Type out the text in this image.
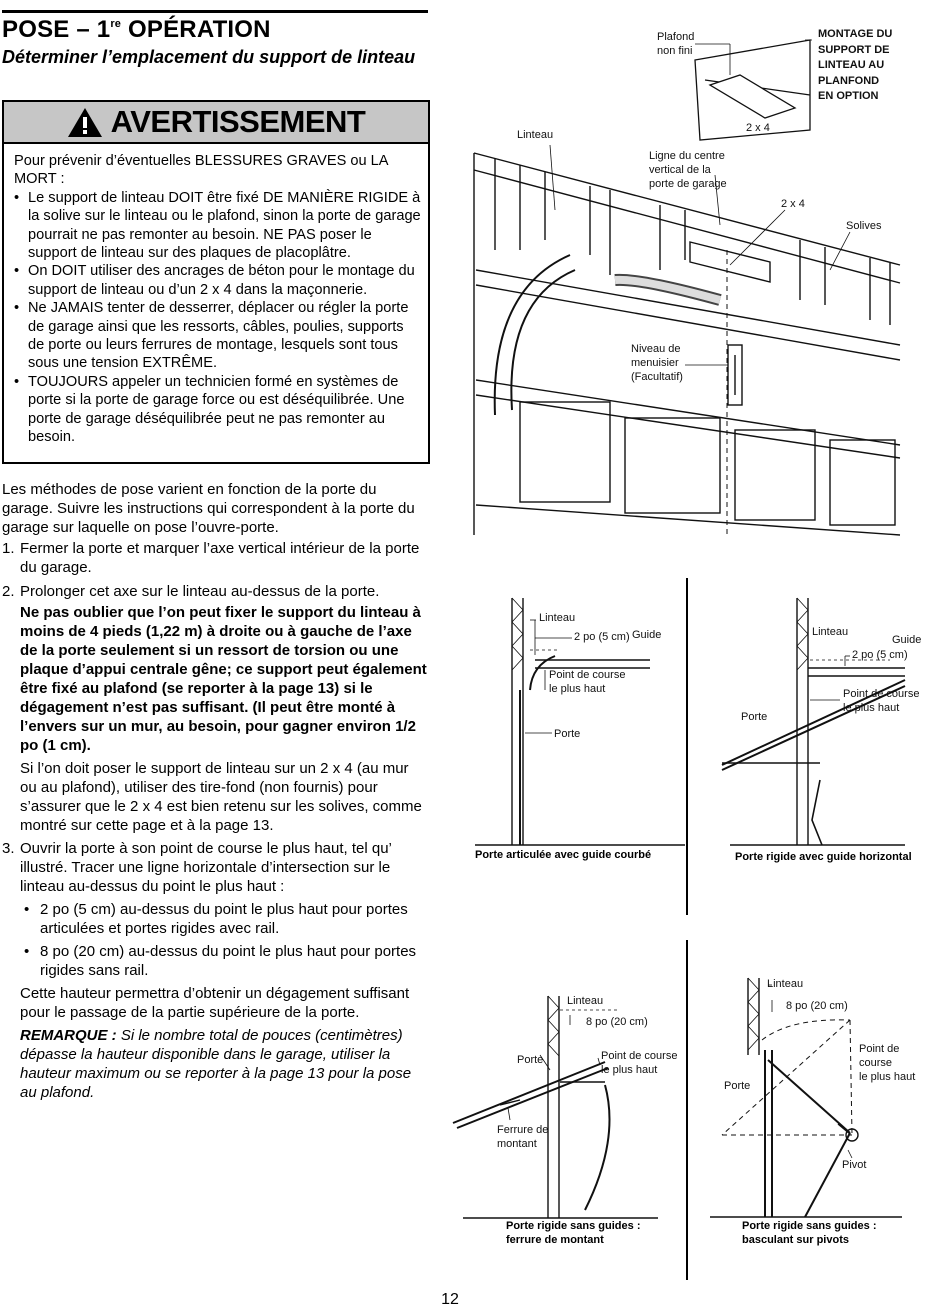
POSE – 1re OPÉRATION
Déterminer l’emplacement du support de linteau
AVERTISSEMENT

Pour prévenir d’éventuelles BLESSURES GRAVES ou LA MORT :

• Le support de linteau DOIT être fixé DE MANIÈRE RIGIDE à la solive sur le linteau ou le plafond, sinon la porte de garage pourrait ne pas remonter au besoin. NE PAS poser le support de linteau sur des plaques de placoplâtre.
• On DOIT utiliser des ancrages de béton pour le montage du support de linteau ou d’un 2 x 4 dans la maçonnerie.
• Ne JAMAIS tenter de desserrer, déplacer ou régler la porte de garage ainsi que les ressorts, câbles, poulies, supports de porte ou leurs ferrures de montage, lesquels sont tous sous une tension EXTRÊME.
• TOUJOURS appeler un technicien formé en systèmes de porte si la porte de garage force ou est déséquilibrée. Une porte de garage déséquilibrée peut ne pas remonter au besoin.

Les méthodes de pose varient en fonction de la porte du garage. Suivre les instructions qui correspondent à la porte du garage sur laquelle on pose l’ouvre-porte.

1. Fermer la porte et marquer l’axe vertical intérieur de la porte du garage.

2. Prolonger cet axe sur le linteau au-dessus de la porte.

Ne pas oublier que l’on peut fixer le support du linteau à moins de 4 pieds (1,22 m) à droite ou à gauche de l’axe de la porte seulement si un ressort de torsion ou une plaque d’appui centrale gêne; ce support peut également être fixé au plafond (se reporter à la page 13) si le dégagement n’est pas suffisant. (Il peut être monté à l’envers sur un mur, au besoin, pour gagner environ 1/2 po (1 cm).

Si l’on doit poser le support de linteau sur un 2 x 4 (au mur ou au plafond), utiliser des tire-fond (non fournis) pour s’assurer que le 2 x 4 est bien retenu sur les solives, comme montré sur cette page et à la page 13.

3. Ouvrir la porte à son point de course le plus haut, tel qu’ illustré. Tracer une ligne horizontale d’intersection sur le linteau au-dessus du point le plus haut :

• 2 po (5 cm) au-dessus du point le plus haut pour portes articulées et portes rigides avec rail.

• 8 po (20 cm) au-dessus du point le plus haut pour portes rigides sans rail.

Cette hauteur permettra d’obtenir un dégagement suffisant pour le passage de la partie supérieure de la porte.

REMARQUE : Si le nombre total de pouces (centimètres) dépasse la hauteur disponible dans le garage, utiliser la hauteur maximum ou se reporter à la page 13 pour la pose au plafond.

Plafond
non fini
MONTAGE DU
SUPPORT DE
LINTEAU AU
PLANFOND
EN OPTION
2 x 4
Linteau
Ligne du centre
vertical de la
porte de garage
2 x 4
Solives
Niveau de
menuisier
(Facultatif)
Linteau
2 po (5 cm) Guide
Point de course
le plus haut
Porte
Porte articulée avec guide courbé
Linteau
Guide
2 po (5 cm)
Point de course
le plus haut
Porte
Porte rigide avec guide horizontal
Linteau
8 po (20 cm)
Porte	Point de course
le plus haut
Ferrure de
montant
Porte rigide sans guides :
ferrure de montant
Linteau
8 po (20 cm)
Point de
course
le plus haut
Porte
Pivot
Porte rigide sans guides :
basculant sur pivots
12
